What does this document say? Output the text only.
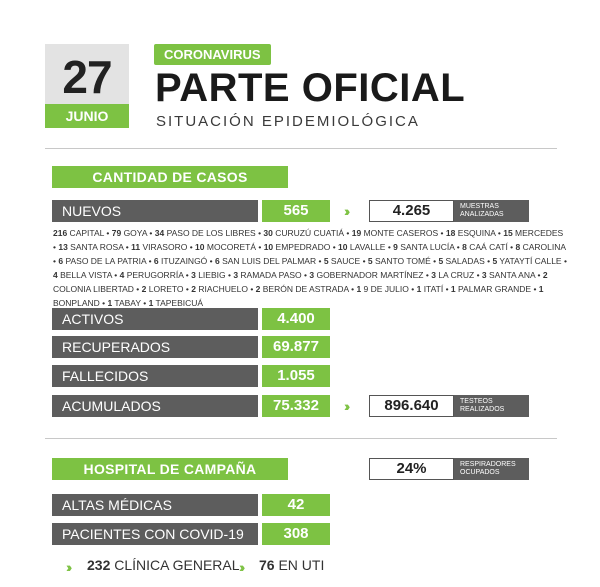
27
JUNIO
CORONAVIRUS
PARTE OFICIAL
SITUACIÓN EPIDEMIOLÓGICA
CANTIDAD DE CASOS
NUEVOS	565	››	4.265	MUESTRAS
ANALIZADAS
216 CAPITAL • 79 GOYA • 34 PASO DE LOS LIBRES • 30 CURUZÚ CUATIÁ • 19 MONTE CASEROS • 18 ESQUINA • 15 MERCEDES • 13 SANTA ROSA • 11 VIRASORO • 10 MOCORETÁ • 10 EMPEDRADO • 10 LAVALLE • 9 SANTA LUCÍA • 8 CAÁ CATÍ • 8 CAROLINA • 6 PASO DE LA PATRIA • 6 ITUZAINGÓ • 6 SAN LUIS DEL PALMAR • 5 SAUCE • 5 SANTO TOMÉ • 5 SALADAS • 5 YATAYTÍ CALLE • 4 BELLA VISTA • 4 PERUGORRÍA • 3 LIEBIG • 3 RAMADA PASO • 3 GOBERNADOR MARTÍNEZ • 3 LA CRUZ • 3 SANTA ANA • 2 COLONIA LIBERTAD • 2 LORETO • 2 RIACHUELO • 2 BERÓN DE ASTRADA • 1 9 DE JULIO • 1 ITATÍ • 1 PALMAR GRANDE • 1 BONPLAND • 1 TABAY • 1 TAPEBICUÁ
ACTIVOS	4.400
RECUPERADOS	69.877
FALLECIDOS	1.055
ACUMULADOS	75.332	››	896.640	TESTEOS
REALIZADOS
HOSPITAL DE CAMPAÑA	24%	RESPIRADORES
OCUPADOS
ALTAS MÉDICAS	42
PACIENTES CON COVID-19	308
›› 232 CLÍNICA GENERAL ›› 76 EN UTI
